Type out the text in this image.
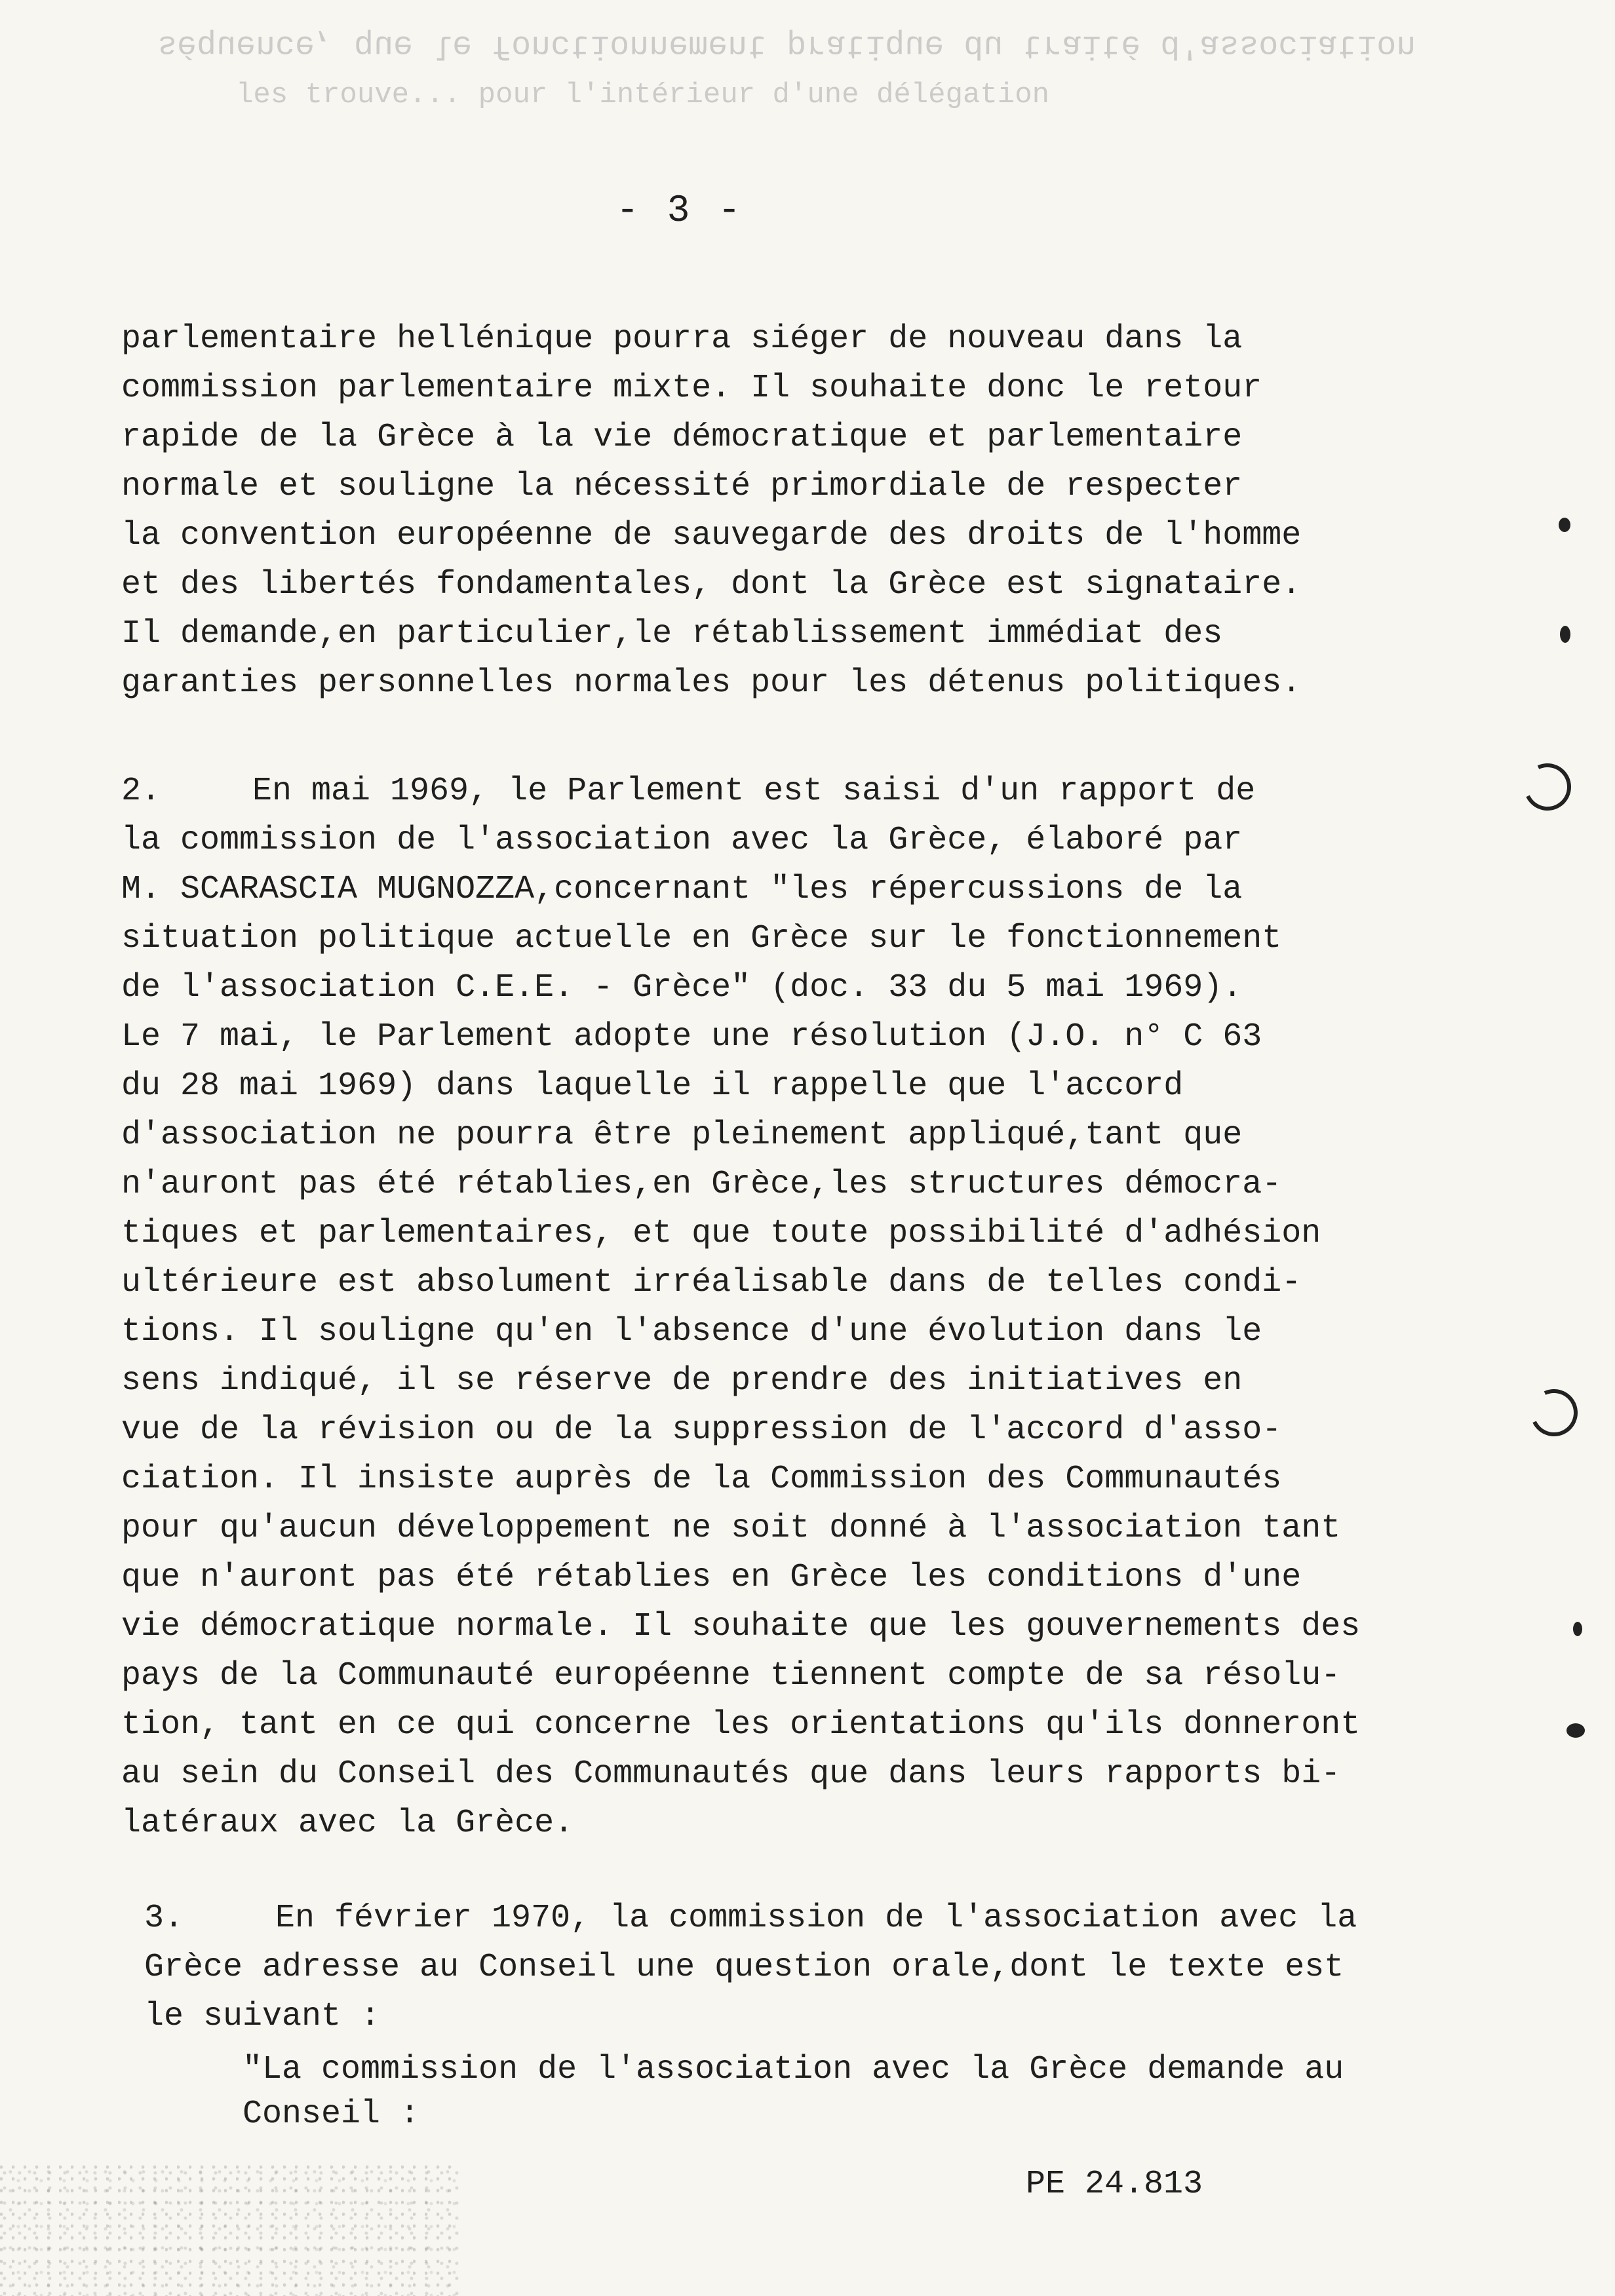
séquence, que le fonctionnement pratique du traité d'association
les trouve... pour l'intérieur d'une délégation
- 3 -
parlementaire hellénique pourra siéger de nouveau dans la
commission parlementaire mixte. Il souhaite donc le retour
rapide de la Grèce à la vie démocratique et parlementaire
normale et souligne la nécessité primordiale de respecter
la convention européenne de sauvegarde des droits de l'homme
et des libertés fondamentales, dont la Grèce est signataire.
Il demande,en particulier,le rétablissement immédiat des
garanties personnelles normales pour les détenus politiques.
2.	En mai 1969, le Parlement est saisi d'un rapport de
la commission de l'association avec la Grèce, élaboré par
M. SCARASCIA MUGNOZZA,concernant "les répercussions de la
situation politique actuelle en Grèce sur le fonctionnement
de l'association C.E.E. - Grèce" (doc. 33 du 5 mai 1969).
Le 7 mai, le Parlement adopte une résolution (J.O. n° C 63
du 28 mai 1969) dans laquelle il rappelle que l'accord
d'association ne pourra être pleinement appliqué,tant que
n'auront pas été rétablies,en Grèce,les structures démocra-
tiques et parlementaires, et que toute possibilité d'adhésion
ultérieure est absolument irréalisable dans de telles condi-
tions. Il souligne qu'en l'absence d'une évolution dans le
sens indiqué, il se réserve de prendre des initiatives en
vue de la révision ou de la suppression de l'accord d'asso-
ciation. Il insiste auprès de la Commission des Communautés
pour qu'aucun développement ne soit donné à l'association tant
que n'auront pas été rétablies en Grèce les conditions d'une
vie démocratique normale. Il souhaite que les gouvernements des
pays de la Communauté européenne tiennent compte de sa résolu-
tion, tant en ce qui concerne les orientations qu'ils donneront
au sein du Conseil des Communautés que dans leurs rapports bi-
latéraux avec la Grèce.
3.	En février 1970, la commission de l'association avec la
Grèce adresse au Conseil une question orale,dont le texte est
le suivant :
"La commission de l'association avec la Grèce demande au
Conseil :
PE 24.813
